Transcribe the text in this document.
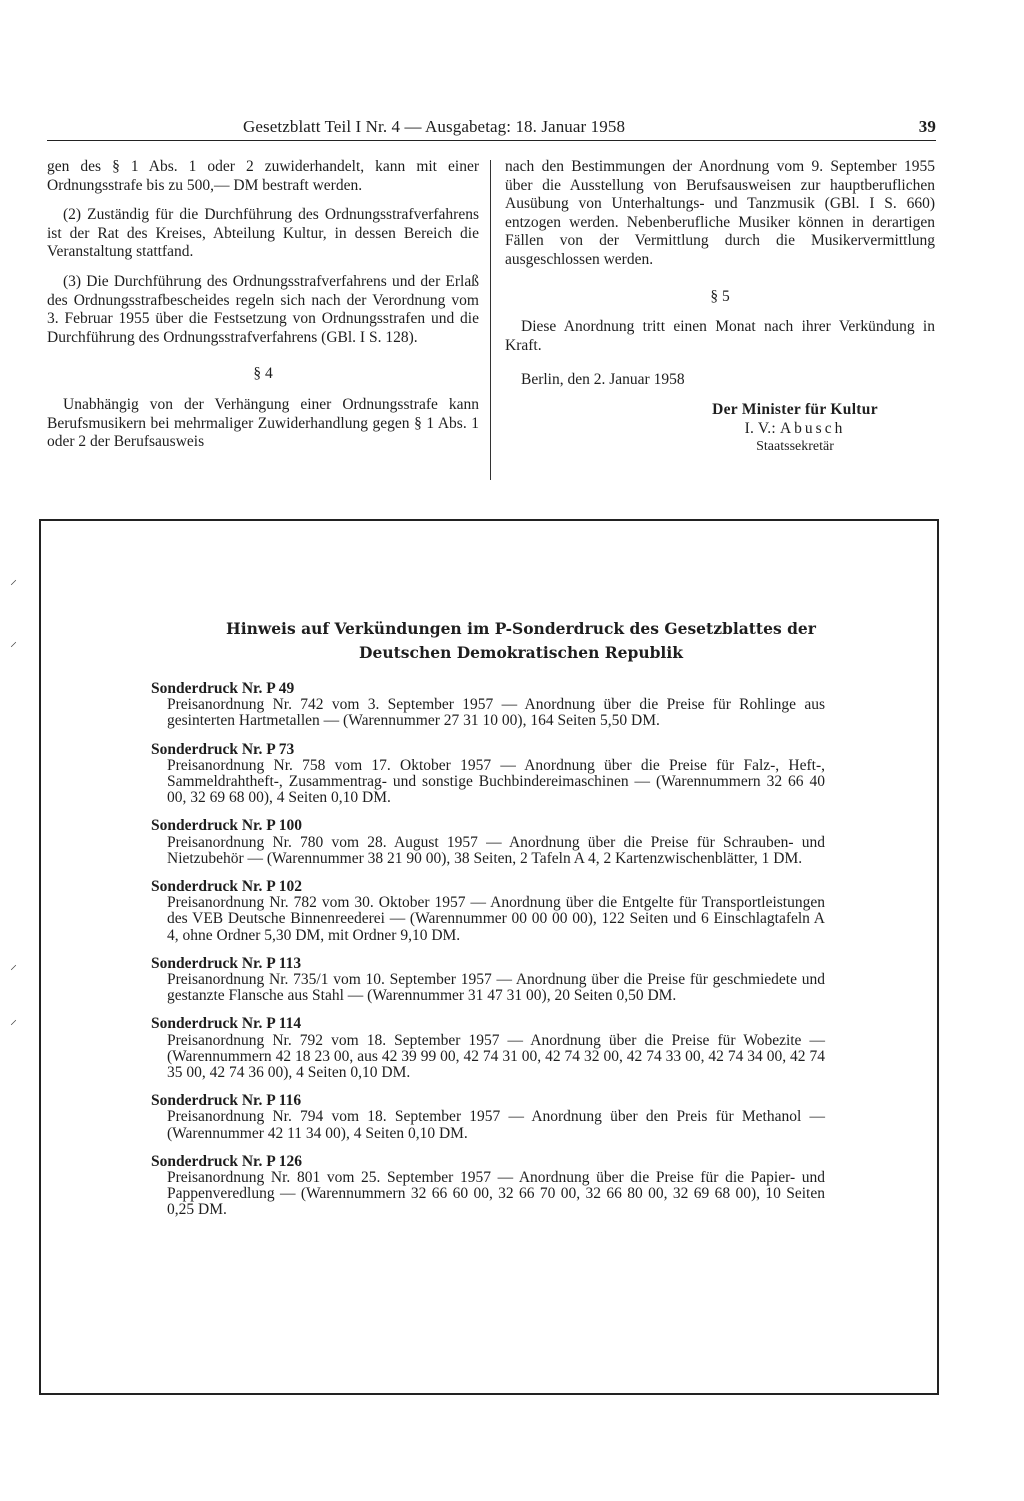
Gesetzblatt Teil I Nr. 4 — Ausgabetag: 18. Januar 1958	39

gen des § 1 Abs. 1 oder 2 zuwiderhandelt, kann mit einer Ordnungsstrafe bis zu 500,— DM bestraft werden.

(2) Zuständig für die Durchführung des Ordnungsstrafverfahrens ist der Rat des Kreises, Abteilung Kultur, in dessen Bereich die Veranstaltung stattfand.

(3) Die Durchführung des Ordnungsstrafverfahrens und der Erlaß des Ordnungsstrafbescheides regeln sich nach der Verordnung vom 3. Februar 1955 über die Festsetzung von Ordnungsstrafen und die Durchführung des Ordnungsstrafverfahrens (GBl. I S. 128).

§ 4

Unabhängig von der Verhängung einer Ordnungsstrafe kann Berufsmusikern bei mehrmaliger Zuwiderhandlung gegen § 1 Abs. 1 oder 2 der Berufsausweis

nach den Bestimmungen der Anordnung vom 9. September 1955 über die Ausstellung von Berufsausweisen zur hauptberuflichen Ausübung von Unterhaltungs- und Tanzmusik (GBl. I S. 660) entzogen werden. Nebenberufliche Musiker können in derartigen Fällen von der Vermittlung durch die Musikervermittlung ausgeschlossen werden.

§ 5

Diese Anordnung tritt einen Monat nach ihrer Verkündung in Kraft.

Berlin, den 2. Januar 1958

Der Minister für Kultur
I. V.: Abusch
Staatssekretär
Hinweis auf Verkündungen im P-Sonderdruck des Gesetzblattes der
Deutschen Demokratischen Republik
Sonderdruck Nr. P 49
Preisanordnung Nr. 742 vom 3. September 1957 — Anordnung über die Preise für Rohlinge aus gesinterten Hartmetallen — (Warennummer 27 31 10 00), 164 Seiten 5,50 DM.
Sonderdruck Nr. P 73
Preisanordnung Nr. 758 vom 17. Oktober 1957 — Anordnung über die Preise für Falz-, Heft-, Sammeldrahtheft-, Zusammentrag- und sonstige Buchbindereimaschinen — (Warennummern 32 66 40 00, 32 69 68 00), 4 Seiten 0,10 DM.
Sonderdruck Nr. P 100
Preisanordnung Nr. 780 vom 28. August 1957 — Anordnung über die Preise für Schrauben- und Nietzubehör — (Warennummer 38 21 90 00), 38 Seiten, 2 Tafeln A 4, 2 Kartenzwischenblätter, 1 DM.
Sonderdruck Nr. P 102
Preisanordnung Nr. 782 vom 30. Oktober 1957 — Anordnung über die Entgelte für Transportleistungen des VEB Deutsche Binnenreederei — (Warennummer 00 00 00 00), 122 Seiten und 6 Einschlagtafeln A 4, ohne Ordner 5,30 DM, mit Ordner 9,10 DM.
Sonderdruck Nr. P 113
Preisanordnung Nr. 735/1 vom 10. September 1957 — Anordnung über die Preise für geschmiedete und gestanzte Flansche aus Stahl — (Warennummer 31 47 31 00), 20 Seiten 0,50 DM.
Sonderdruck Nr. P 114
Preisanordnung Nr. 792 vom 18. September 1957 — Anordnung über die Preise für Wobezite — (Warennummern 42 18 23 00, aus 42 39 99 00, 42 74 31 00, 42 74 32 00, 42 74 33 00, 42 74 34 00, 42 74 35 00, 42 74 36 00), 4 Seiten 0,10 DM.
Sonderdruck Nr. P 116
Preisanordnung Nr. 794 vom 18. September 1957 — Anordnung über den Preis für Methanol — (Warennummer 42 11 34 00), 4 Seiten 0,10 DM.
Sonderdruck Nr. P 126
Preisanordnung Nr. 801 vom 25. September 1957 — Anordnung über die Preise für die Papier- und Pappenveredlung — (Warennummern 32 66 60 00, 32 66 70 00, 32 66 80 00, 32 69 68 00), 10 Seiten 0,25 DM.
⸝
⸝
⸝
⸝
